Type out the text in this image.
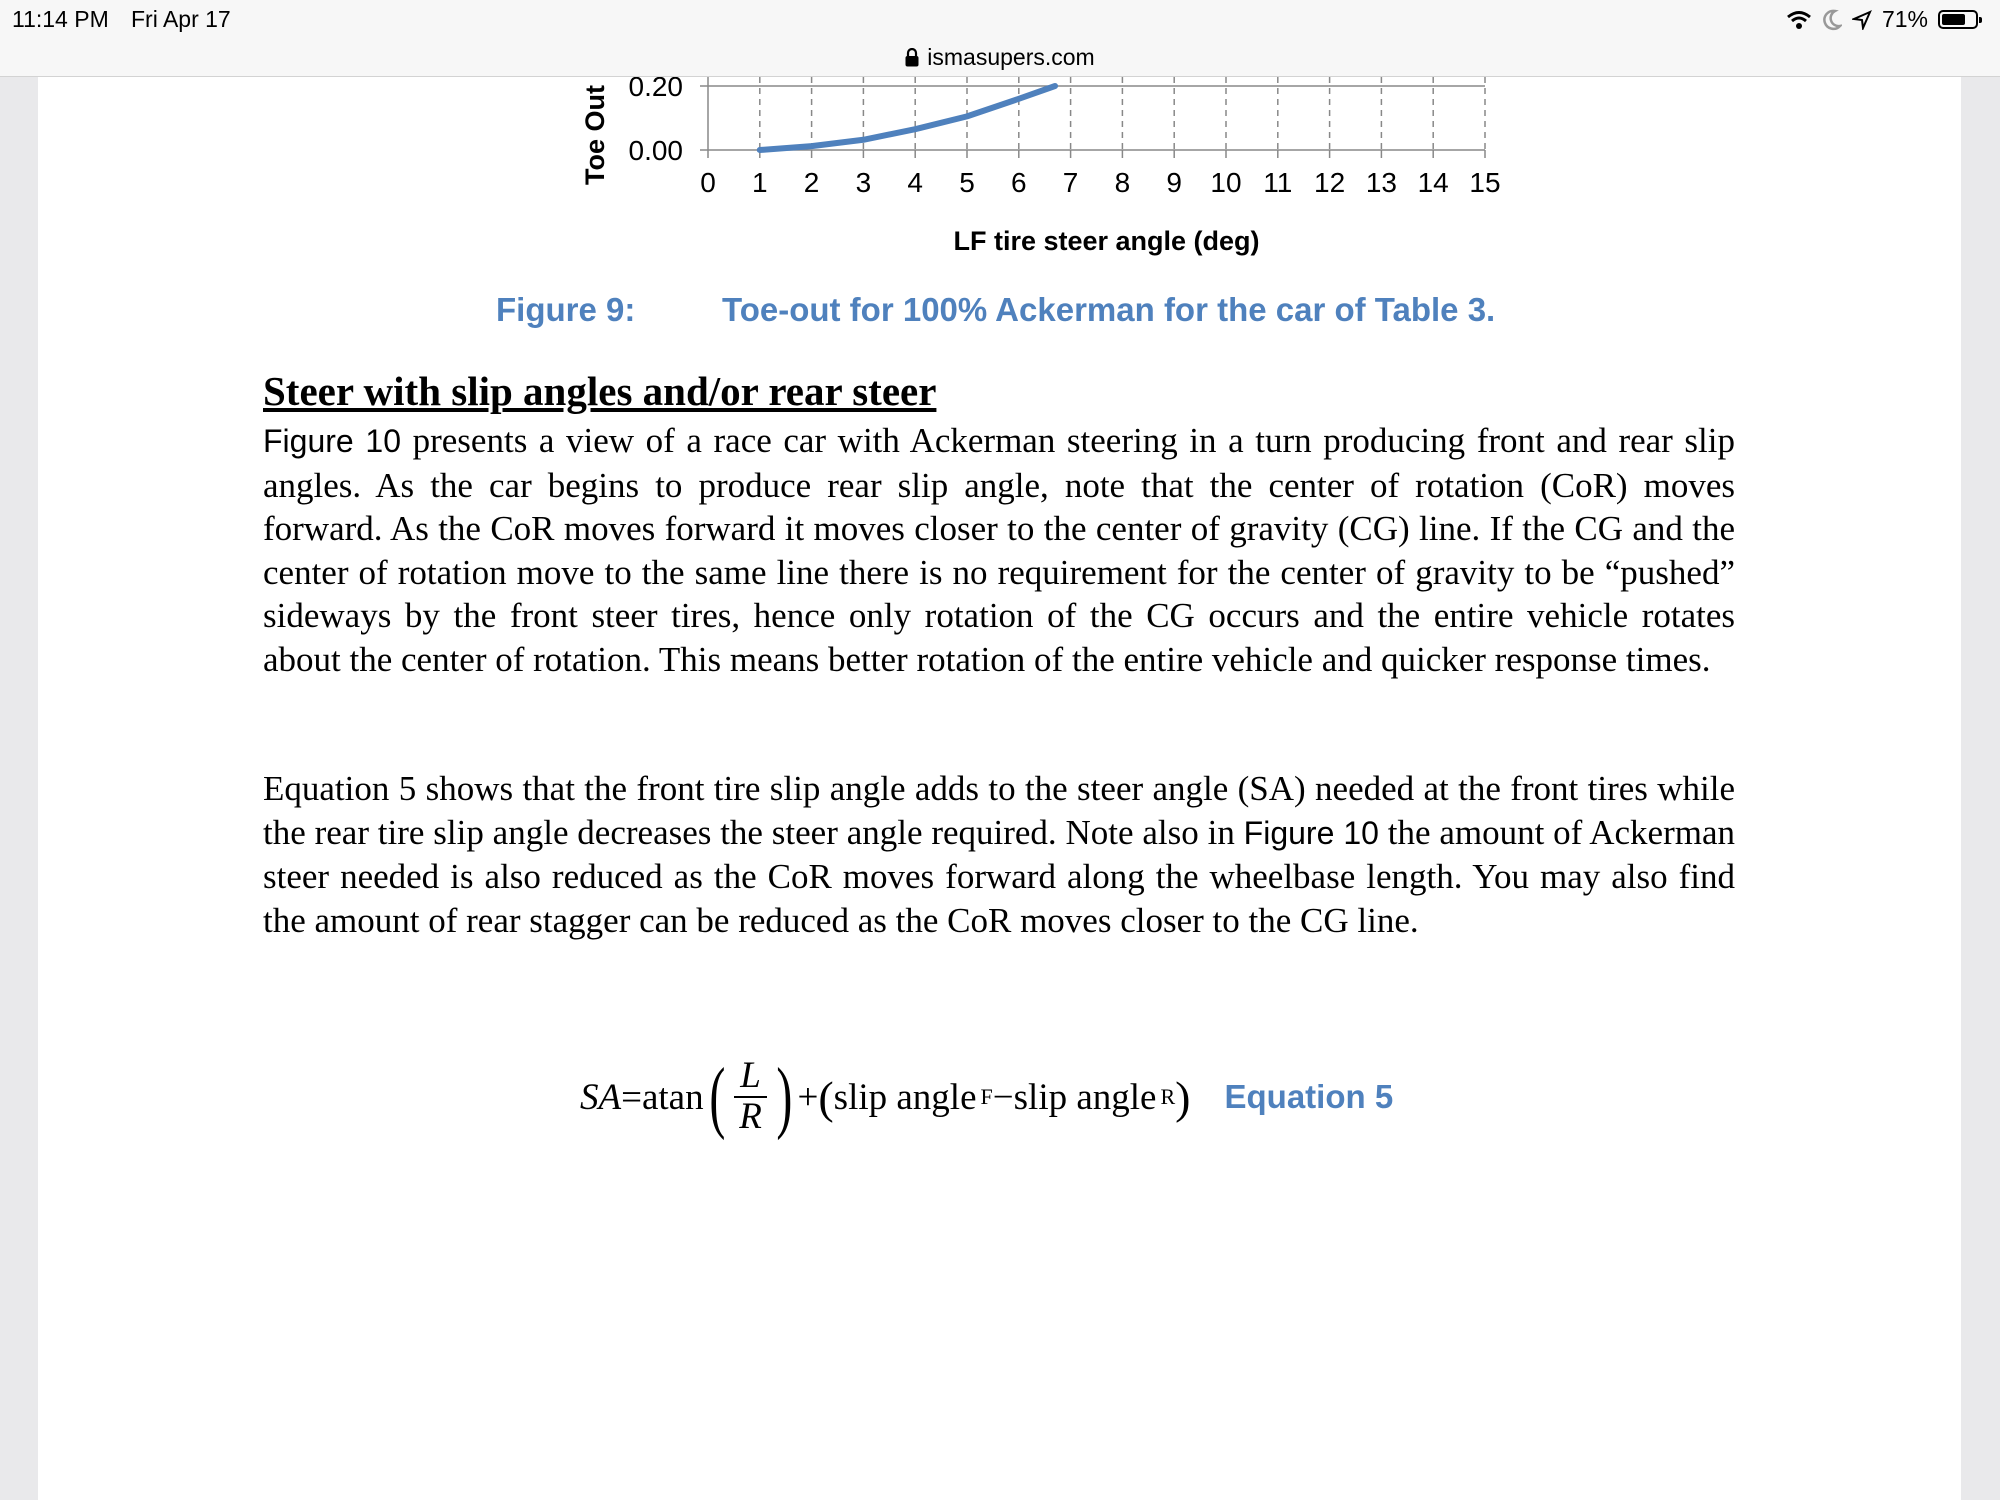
11:14 PM Fri Apr 17	71%
ismasupers.com
0 1 2 3 4 5 6 7 8 9 10 11 12 13 14 15
0.00
0.20
LF tire steer angle (deg)
Toe Out
Figure 9:	Toe-out for 100% Ackerman for the car of Table 3.
Steer with slip angles and/or rear steer

Figure 10 presents a view of a race car with Ackerman steering in a turn producing front and rear slip angles. As the car begins to produce rear slip angle, note that the center of rotation (CoR) moves forward. As the CoR moves forward it moves closer to the center of gravity (CG) line. If the CG and the center of rotation move to the same line there is no requirement for the center of gravity to be “pushed” sideways by the front steer tires, hence only rotation of the CG occurs and the entire vehicle rotates about the center of rotation. This means better rotation of the entire vehicle and quicker response times.

Equation 5 shows that the front tire slip angle adds to the steer angle (SA) needed at the front tires while the rear tire slip angle decreases the steer angle required. Note also in Figure 10 the amount of Ackerman steer needed is also reduced as the CoR moves forward along the wheelbase length. You may also find the amount of rear stagger can be reduced as the CoR moves closer to the CG line.

SA = atan ( $\frac{L}{R}$ ) + ( slip angle F − slip angle R ) Equation 5
